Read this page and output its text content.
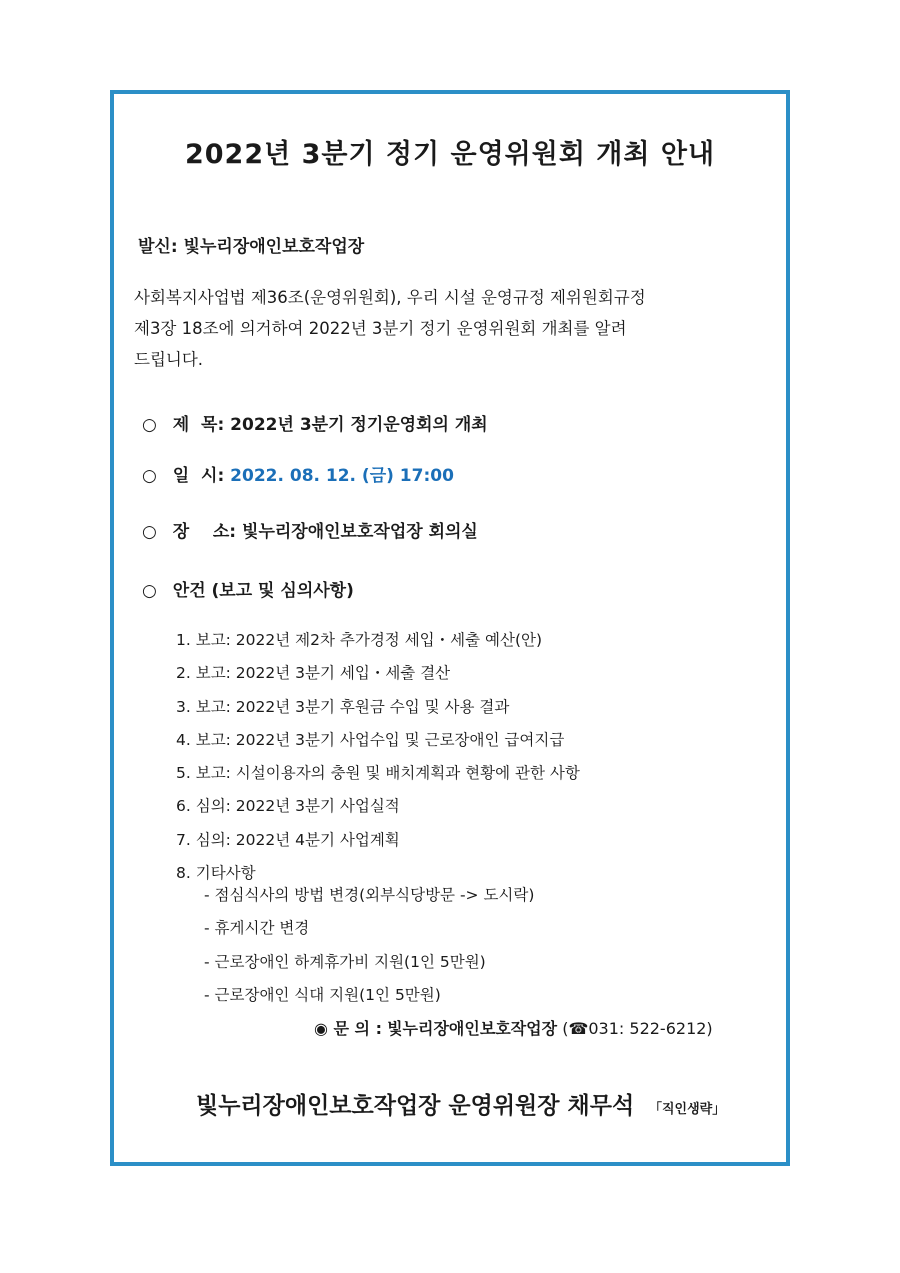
2022년 3분기 정기 운영위원회 개최 안내
발신: 빛누리장애인보호작업장
사회복지사업법 제36조(운영위원회), 우리 시설 운영규정 제위원회규정
제3장 18조에 의거하여 2022년 3분기 정기 운영위원회 개최를 알려
드립니다.
○ 제  목: 2022년 3분기 정기운영회의 개최
○ 일  시: 2022. 08. 12. (금) 17:00
○ 장    소: 빛누리장애인보호작업장 회의실
○ 안건 (보고 및 심의사항)
1. 보고: 2022년 제2차 추가경정 세입・세출 예산(안)
2. 보고: 2022년 3분기 세입・세출 결산
3. 보고: 2022년 3분기 후원금 수입 및 사용 결과
4. 보고: 2022년 3분기 사업수입 및 근로장애인 급여지급
5. 보고: 시설이용자의 충원 및 배치계획과 현황에 관한 사항
6. 심의: 2022년 3분기 사업실적
7. 심의: 2022년 4분기 사업계획
8. 기타사항
- 점심식사의 방법 변경(외부식당방문 -> 도시락)
- 휴게시간 변경
- 근로장애인 하계휴가비 지원(1인 5만원)
- 근로장애인 식대 지원(1인 5만원)
◉ 문 의 : 빛누리장애인보호작업장 (☎031: 522-6212)
빛누리장애인보호작업장 운영위원장 채무석 「직인생략」
